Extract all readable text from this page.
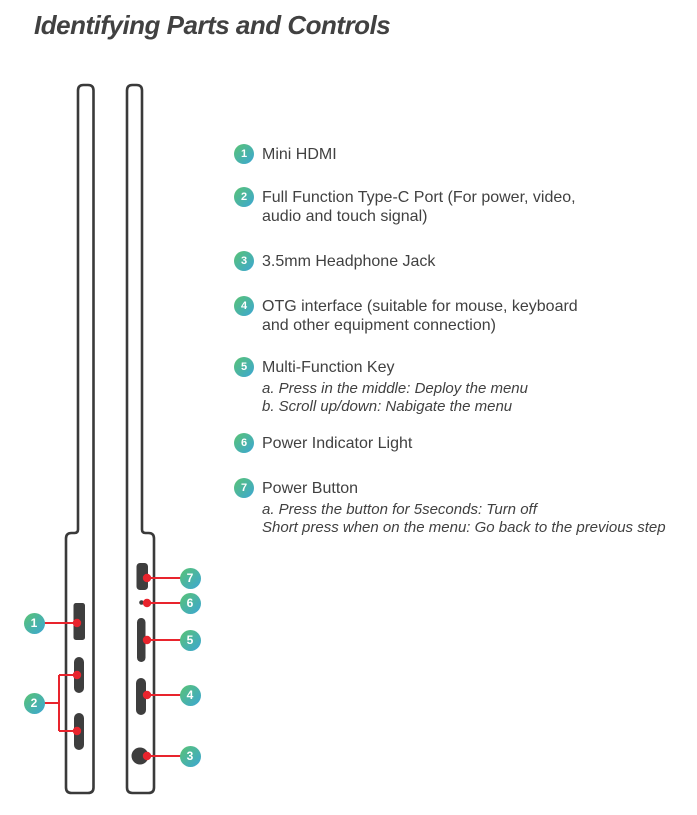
Identifying Parts and Controls
1
2
7
6
5
4
3
1 Mini HDMI
2 Full Function Type-C Port (For power, video,
audio and touch signal)
3 3.5mm Headphone Jack
4 OTG interface (suitable for mouse, keyboard
and other equipment connection)
5 Multi-Function Key
a. Press in the middle: Deploy the menu
b. Scroll up/down: Nabigate the menu
6 Power Indicator Light
7 Power Button
a. Press the button for 5seconds: Turn off
Short press when on the menu: Go back to the previous step
